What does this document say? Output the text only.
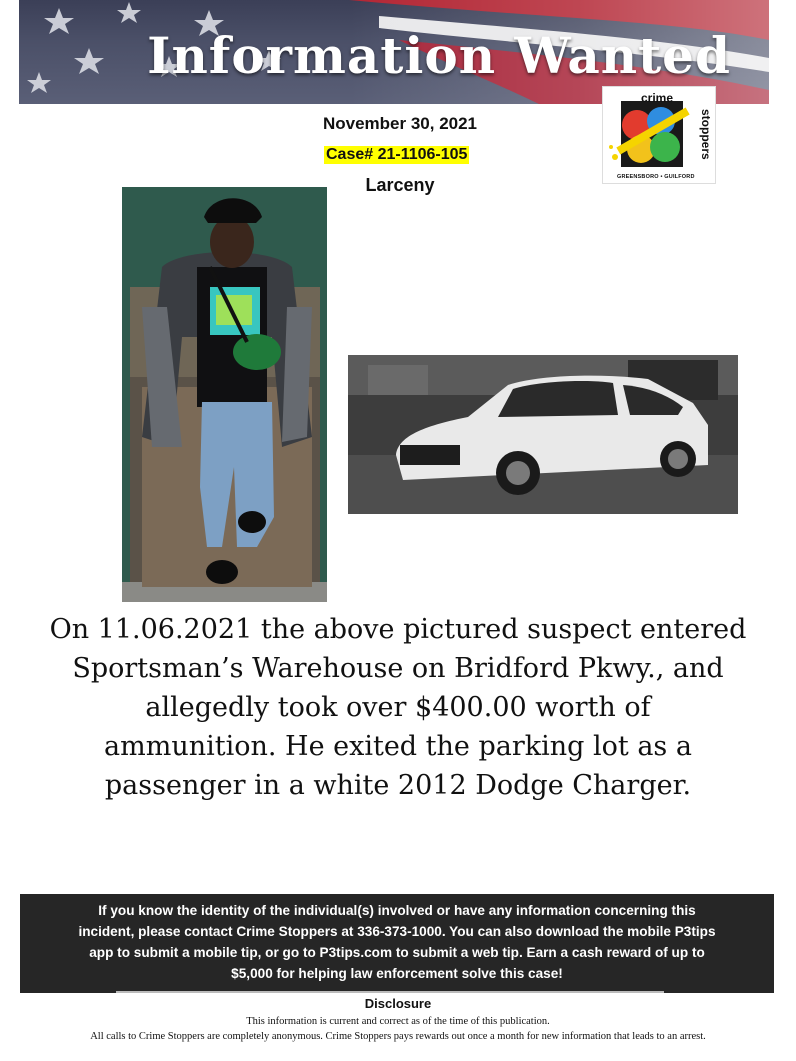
Information Wanted
November 30, 2021
Case# 21-1106-105
Larceny
crime
stoppers
GREENSBORO • GUILFORD

On 11.06.2021 the above pictured suspect entered

Sportsman’s Warehouse on Bridford Pkwy., and

allegedly took over $400.00 worth of

ammunition. He exited the parking lot as a

passenger in a white 2012 Dodge Charger.

If you know the identity of the individual(s) involved or have any information concerning this
incident, please contact Crime Stoppers at 336-373-1000. You can also download the mobile P3tips
app to submit a mobile tip, or go to P3tips.com to submit a web tip. Earn a cash reward of up to
$5,000 for helping law enforcement solve this case!
Disclosure
This information is current and correct as of the time of this publication.
All calls to Crime Stoppers are completely anonymous. Crime Stoppers pays rewards out once a month for new information that leads to an arrest.
